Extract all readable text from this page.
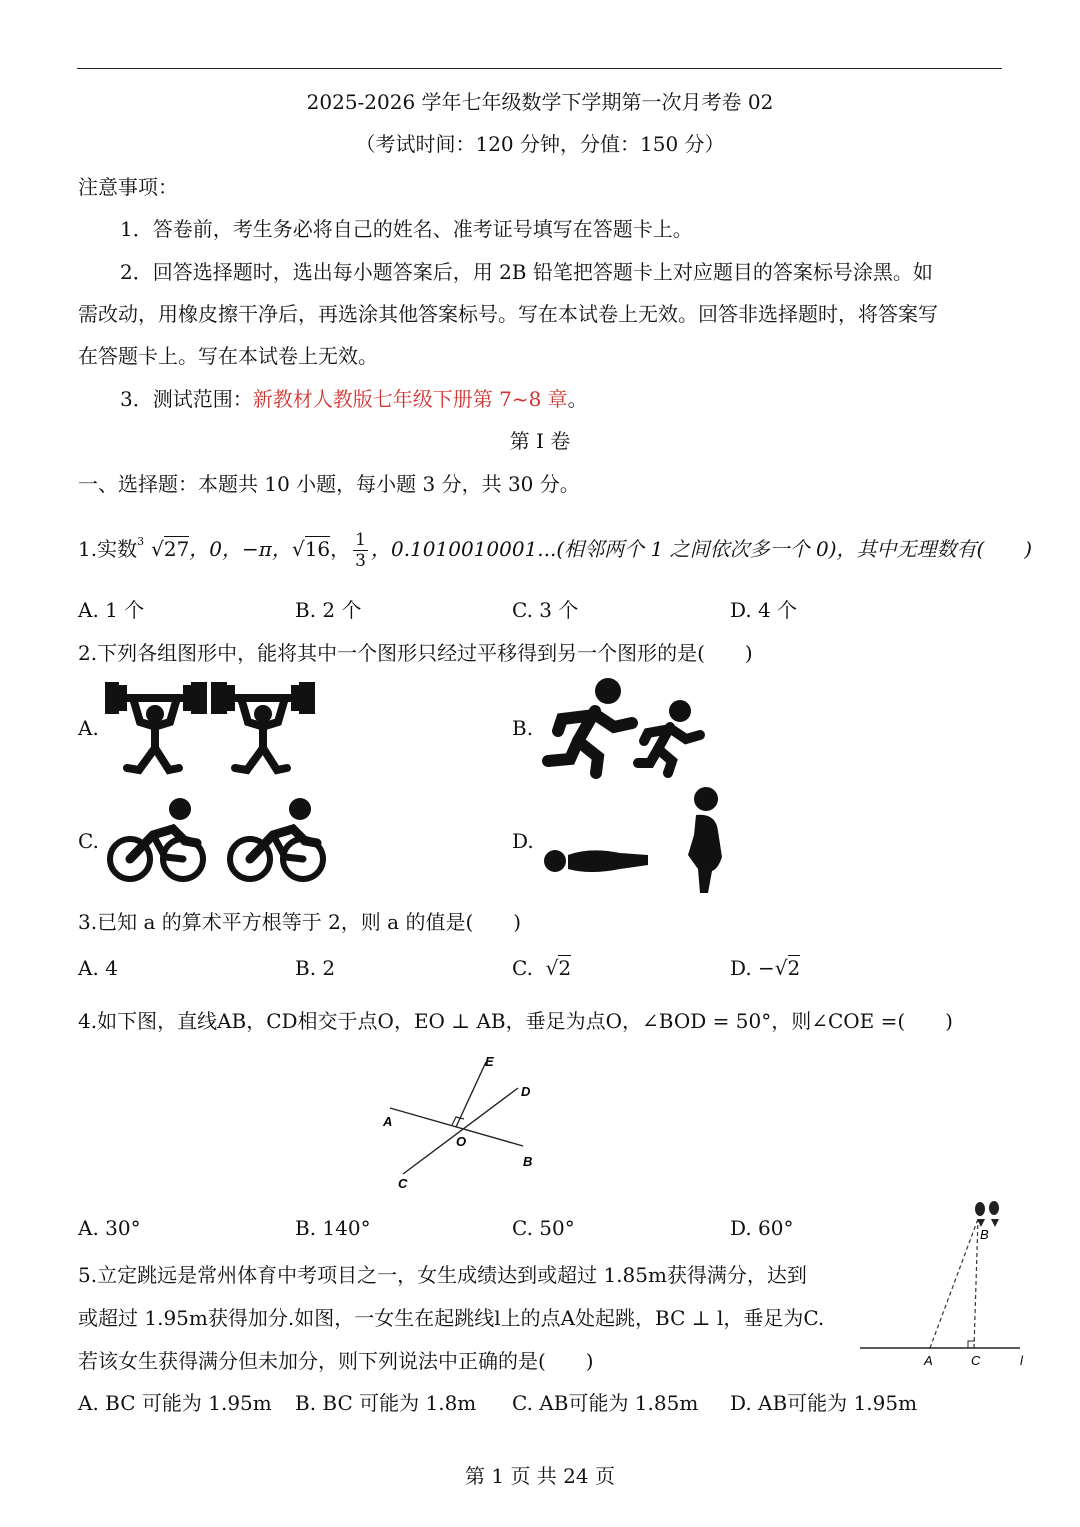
2025-2026 学年七年级数学下学期第一次月考卷 02
（考试时间：120 分钟，分值：150 分）
注意事项：
1．答卷前，考生务必将自己的姓名、准考证号填写在答题卡上。
2．回答选择题时，选出每小题答案后，用 2B 铅笔把答题卡上对应题目的答案标号涂黑。如
需改动，用橡皮擦干净后，再选涂其他答案标号。写在本试卷上无效。回答非选择题时，将答案写
在答题卡上。写在本试卷上无效。
3．测试范围：新教材人教版七年级下册第 7~8 章。
第 I 卷
一、选择题：本题共 10 小题，每小题 3 分，共 30 分。
1.实数 3 √27，0，−π，√16， $\frac{1}{3}$ ，0.1010010001...(相邻两个 1 之间依次多一个 0)，其中无理数有(　　)
A. 1 个	B. 2 个	C. 3 个	D. 4 个
2.下列各组图形中，能将其中一个图形只经过平移得到另一个图形的是(　　)
A.	B.
C.	D.
3.已知 a 的算术平方根等于 2，则 a 的值是(　　)
A. 4	B. 2	C. √2	D. −√2
4.如下图，直线AB，CD相交于点O，EO ⊥ AB，垂足为点O，∠BOD = 50°，则∠COE =(　　)
E
D
A
O
B
C
A. 30°	B. 140°	C. 50°	D. 60°
5.立定跳远是常州体育中考项目之一，女生成绩达到或超过 1.85m获得满分，达到
或超过 1.95m获得加分.如图，一女生在起跳线l上的点A处起跳，BC ⊥ l，垂足为C.
若该女生获得满分但未加分，则下列说法中正确的是(　　)
B
A	C	l
A. BC 可能为 1.95m B. BC 可能为 1.8m C. AB可能为 1.85m D. AB可能为 1.95m
第 1 页 共 24 页
